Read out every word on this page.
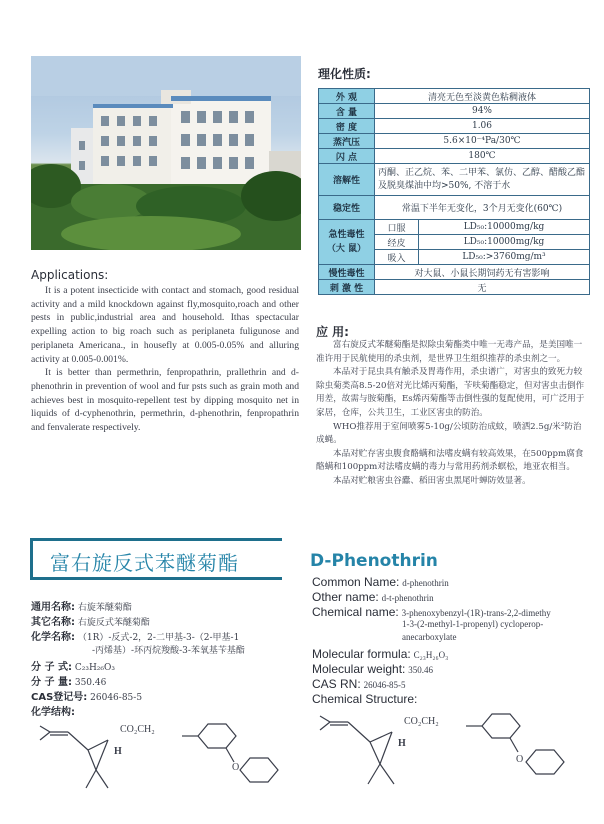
理化性质:
外 观	清亮无色至淡黄色粘稠液体	
含 量	94%	
密 度	1.06	
蒸汽压	5.6×10⁻⁴Pa/30℃	
闪 点	180℃	
溶解性	丙酮、正乙烷、苯、二甲苯、氯仿、乙醇、醋酸乙酯及脱臭煤油中均>50%, 不溶于水	
稳定性	常温下半年无变化，3个月无变化(60℃)	
急性毒性（大 鼠）	口服	LD₅₀:10000mg/kg
	经皮	LD₅₀:10000mg/kg
	吸入	LD₅₀:>3760mg/m³
慢性毒性	对大鼠、小鼠长期饲药无有害影响	
刺 激 性	无	
Applications:

It is a potent insecticide with contact and stomach, good residual activity and a mild knockdown against fly,mosquito,roach and other pests in public,industrial area and household. Ithas spectacular expelling action to big roach such as periplaneta fuligunose and periplaneta Americana., in housefly at 0.005-0.05% and alluring activity at 0.005-0.001%.

It is better than permethrin, fenpropathrin, prallethrin and d-phenothrin in prevention of wool and fur psts such as grain moth and achieves best in mosquito-repellent test by dipping mosquito net in liquids of d-cyphenothrin, permethrin, d-phenothrin, fenpropathrin and fenvalerate respectively.

应 用:

富右旋反式苯醚菊酯是拟除虫菊酯类中唯一无毒产品，是美国唯一准许用于民航使用的杀虫剂，是世界卫生组织推荐的杀虫剂之一。

本品对于昆虫具有触杀及胃毒作用，杀虫谱广，对害虫的致死力较除虫菊类高8.5-20倍对光比烯丙菊酯，苄呋菊酯稳定，但对害虫击倒作用差，故需与胺菊酯，Es烯丙菊酯等击倒性强的复配使用，可广泛用于家居，仓库，公共卫生，工业区害虫的防治。

WHO推荐用于室间喷雾5-10g/公顷防治成蚊，喷洒2.5g/米²防治成蝇。

本品对贮存害虫腹食酪螨和法嗜皮螨有较高效果，在500ppm腐食酪螨和100ppm对法嗜皮螨的毒力与常用药剂杀螟松，地亚农相当。

本品对贮粮害虫谷蠹、稻田害虫黑尾叶蝉防效显著。

富右旋反式苯醚菊酯
通用名称: 右旋苯醚菊酯
其它名称: 右旋反式苯醚菊酯
化学名称: （1R）-反式-2，2-二甲基-3-（2-甲基-1
-丙烯基）-环丙烷羧酸-3-苯氧基苄基酯
分 子 式: C₂₃H₂₆O₃
分 子 量: 350.46
CAS登记号: 26046-85-5
化学结构:
CO₂CH₂
H
O
D-Phenothrin
Common Name: d-phenothrin
Other name: d-t-phenothrin
Chemical name: 3-phenoxybenzyl-(1R)-trans-2,2-dimethy
1-3-(2-methyl-1-propenyl) cycloperop-
anecarboxylate
Molecular formula: C₂₃H₂₆O₃
Molecular weight: 350.46
CAS RN: 26046-85-5
Chemical Structure:
CO₂CH₂
H
O
